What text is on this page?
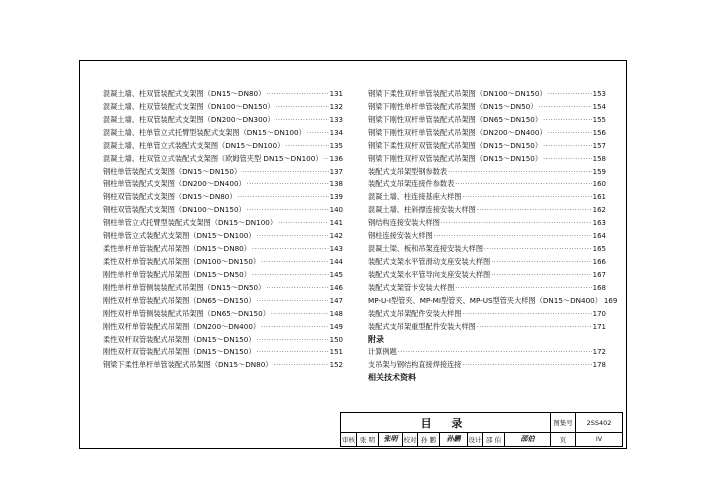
混凝土墙、柱双管装配式支架图（DN15～DN80） ·····	131
混凝土墙、柱双管装配式支架图（DN100～DN150） ·····	132
混凝土墙、柱双管装配式支架图（DN200～DN300） ·····	133
混凝土墙、柱单管立式托臂型装配式支架图（DN15～DN100） ·····	134
混凝土墙、柱单管立式装配式支架图（DN15～DN100） ·····	135
混凝土墙、柱双管立式装配式支架图（欧姆管夹型 DN15～DN100） ····· 136
钢柱单管装配式支架图（DN15～DN150） ·····	137
钢柱单管装配式支架图（DN200～DN400） ·····	138
钢柱双管装配式支架图（DN15～DN80） ·····	139
钢柱双管装配式支架图（DN100～DN150） ·····	140
钢柱单管立式托臂型装配式支架图（DN15～DN100） ·····	141
钢柱单管立式装配式支架图（DN15～DN100） ·····	142
柔性单杆单管装配式吊架图（DN15～DN80） ·····	143
柔性双杆单管装配式吊架图（DN100～DN150） ·····	144
刚性单杆单管装配式吊架图（DN15～DN50） ·····	145
刚性单杆单管侧装装配式吊架图（DN15～DN50） ·····	146
刚性双杆单管装配式吊架图（DN65～DN150） ·····	147
刚性双杆单管侧装装配式吊架图（DN65～DN150） ·····	148
刚性双杆单管装配式吊架图（DN200～DN400） ·····	149
柔性双杆双管装配式吊架图（DN15～DN150） ·····	150
刚性双杆双管装配式吊架图（DN15～DN150） ·····	151
钢梁下柔性单杆单管装配式吊架图（DN15～DN80） ·····	152
钢梁下柔性双杆单管装配式吊架图（DN100～DN150） ·····	153
钢梁下刚性单杆单管装配式吊架图（DN15～DN50） ·····	154
钢梁下刚性双杆单管装配式吊架图（DN65～DN150） ·····	155
钢梁下刚性双杆单管装配式吊架图（DN200～DN400） ·····	156
钢梁下柔性双杆双管装配式吊架图（DN15～DN150） ·····	157
钢梁下刚性双杆双管装配式吊架图（DN15～DN150） ·····	158
装配式支吊架型钢参数表 ·····	159
装配式支吊架连接件参数表 ·····	160
混凝土墙、柱连接基座大样图 ·····	161
混凝土墙、柱斜撑连接安装大样图 ·····	162
钢结构连接安装大样图 ·····	163
钢柱连接安装大样图 ·····	164
混凝土梁、板和吊架连接安装大样图 ·····	165
装配式支架水平管滑动支座安装大样图 ·····	166
装配式支架水平管导向支座安装大样图 ·····	167
装配式支架管卡安装大样图 ·····	168
MP-U-I型管夹、MP-MI型管夹、MP-US型管夹大样图（DN15～DN400） 169
装配式支吊架配件安装大样图 ·····	170
装配式支吊架重型配件安装大样图 ·····	171
附录
计算例题 ·····	172
支吊架与钢结构直接焊接连接 ·····	178
相关技术资料
目 录	图集号 2SS402
审核 张 明 张明 校对 孙 鹏 孙鹏 设计 邵 伯	邵伯	页	IV
